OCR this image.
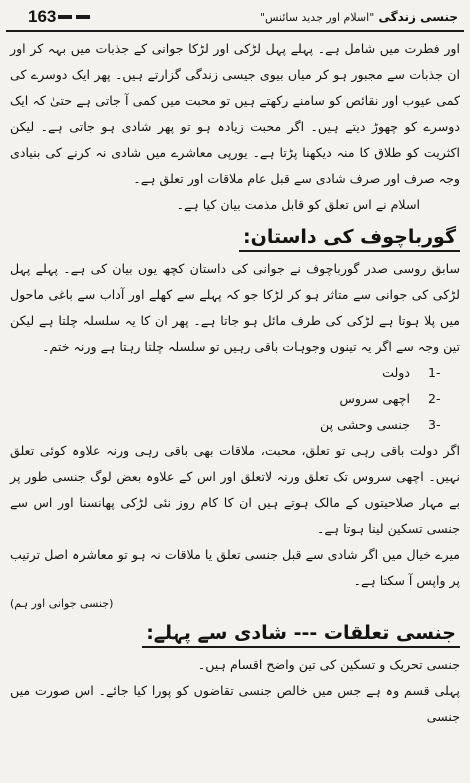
163	جنسی زندگی "اسلام اور جدید سائنس"
اور فطرت میں شامل ہے۔ پہلے پہل لڑکی اور لڑکا جوانی کے جذبات میں بہہ کر اور ان جذبات سے مجبور ہو کر میاں بیوی جیسی زندگی گزارتے ہیں۔ پھر ایک دوسرے کی کمی عیوب اور نقائص کو سامنے رکھتے ہیں تو محبت میں کمی آ جاتی ہے حتیٰ کہ ایک دوسرے کو چھوڑ دیتے ہیں۔ اگر محبت زیادہ ہو تو پھر شادی ہو جاتی ہے۔ لیکن اکثریت کو طلاق کا منہ دیکھنا پڑتا ہے۔ یورپی معاشرے میں شادی نہ کرنے کی بنیادی وجہ صرف اور صرف شادی سے قبل عام ملاقات اور تعلق ہے۔
اسلام نے اس تعلق کو قابل مذمت بیان کیا ہے۔
گورباچوف کی داستان:
سابق روسی صدر گورباچوف نے جوانی کی داستان کچھ یوں بیان کی ہے۔ پہلے پہل لڑکی کی جوانی سے متاثر ہو کر لڑکا جو کہ پہلے سے کھلے اور آداب سے باغی ماحول میں پلا ہوتا ہے لڑکی کی طرف مائل ہو جاتا ہے۔ پھر ان کا یہ سلسلہ چلتا ہے لیکن تین وجہ سے اگر یہ تینوں وجوہات باقی رہیں تو سلسلہ چلتا رہتا ہے ورنہ ختم۔
1-
دولت
2-
اچھی سروس
3-
جنسی وحشی پن
اگر دولت باقی رہی تو تعلق، محبت، ملاقات بھی باقی رہی ورنہ علاوہ کوئی تعلق نہیں۔ اچھی سروس تک تعلق ورنہ لاتعلق اور اس کے علاوہ بعض لوگ جنسی طور پر بے مہار صلاحیتوں کے مالک ہوتے ہیں ان کا کام روز نئی لڑکی پھانسنا اور اس سے جنسی تسکین لینا ہوتا ہے۔
میرے خیال میں اگر شادی سے قبل جنسی تعلق یا ملاقات نہ ہو تو معاشرہ اصل ترتیب پر واپس آ سکتا ہے۔
(جنسی جوانی اور ہم)
جنسی تعلقات --- شادی سے پہلے:
جنسی تحریک و تسکین کی تین واضح اقسام ہیں۔
پہلی قسم وہ ہے جس میں خالص جنسی تقاضوں کو پورا کیا جائے۔ اس صورت میں جنسی
